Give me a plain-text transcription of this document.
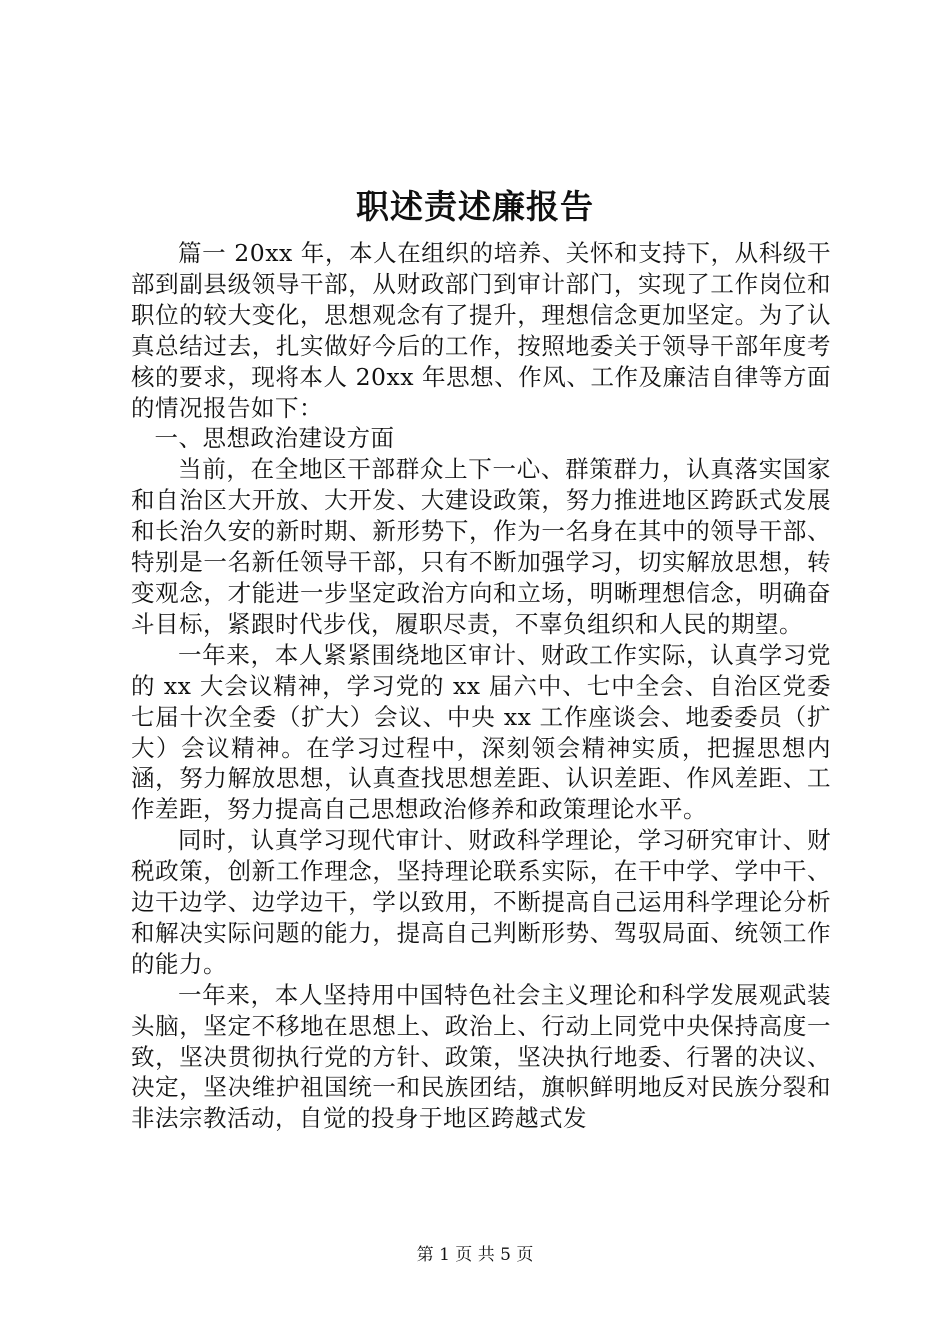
职述责述廉报告

篇一 20xx 年，本人在组织的培养、关怀和支持下，从科级干部到副县级领导干部，从财政部门到审计部门，实现了工作岗位和职位的较大变化，思想观念有了提升，理想信念更加坚定。为了认真总结过去，扎实做好今后的工作，按照地委关于领导干部年度考核的要求，现将本人 20xx 年思想、作风、工作及廉洁自律等方面的情况报告如下：

一、思想政治建设方面

当前，在全地区干部群众上下一心、群策群力，认真落实国家和自治区大开放、大开发、大建设政策，努力推进地区跨跃式发展和长治久安的新时期、新形势下，作为一名身在其中的领导干部、特别是一名新任领导干部，只有不断加强学习，切实解放思想，转变观念，才能进一步坚定政治方向和立场，明晰理想信念，明确奋斗目标，紧跟时代步伐，履职尽责，不辜负组织和人民的期望。

一年来，本人紧紧围绕地区审计、财政工作实际，认真学习党的 xx 大会议精神，学习党的 xx 届六中、七中全会、自治区党委七届十次全委（扩大）会议、中央 xx 工作座谈会、地委委员（扩大）会议精神。在学习过程中，深刻领会精神实质，把握思想内涵，努力解放思想，认真查找思想差距、认识差距、作风差距、工作差距，努力提高自己思想政治修养和政策理论水平。

同时，认真学习现代审计、财政科学理论，学习研究审计、财税政策，创新工作理念，坚持理论联系实际，在干中学、学中干、边干边学、边学边干，学以致用，不断提高自己运用科学理论分析和解决实际问题的能力，提高自己判断形势、驾驭局面、统领工作的能力。

一年来，本人坚持用中国特色社会主义理论和科学发展观武装头脑，坚定不移地在思想上、政治上、行动上同党中央保持高度一致，坚决贯彻执行党的方针、政策，坚决执行地委、行署的决议、决定，坚决维护祖国统一和民族团结，旗帜鲜明地反对民族分裂和非法宗教活动，自觉的投身于地区跨越式发

第 1 页 共 5 页
